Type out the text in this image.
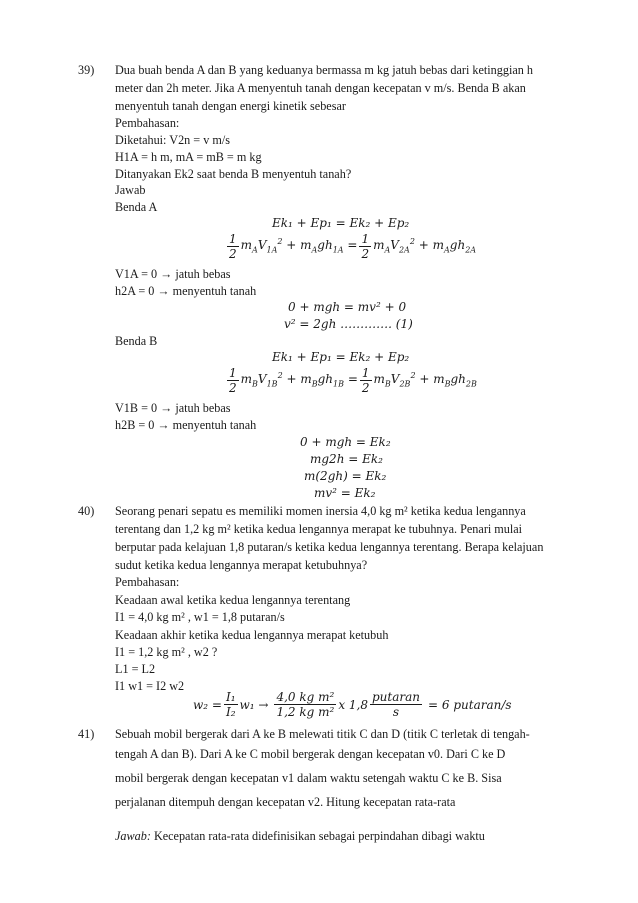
39) Dua buah benda A dan B yang keduanya bermassa m kg jatuh bebas dari ketinggian h
meter dan 2h meter. Jika A menyentuh tanah dengan kecepatan v m/s. Benda B akan
menyentuh tanah dengan energi kinetik sebesar
Pembahasan:
Diketahui: V2n = v m/s
H1A = h m, mA = mB = m kg
Ditanyakan Ek2 saat benda B menyentuh tanah?
Jawab
Benda A
Ek₁ + Ep₁ = Ek₂ + Ep₂
$\frac{1}{2} m_AV_{1A}^2 + m_Agh_{1A} = \frac{1}{2} m_AV_{2A}^2 + m_Agh_{2A}$
V1A = 0 → jatuh bebas
h2A = 0 → menyentuh tanah
0 + mgh = mv² + 0
v² = 2gh …………. (1)
Benda B
Ek₁ + Ep₁ = Ek₂ + Ep₂
$\frac{1}{2} m_BV_{1B}^2 + m_Bgh_{1B} = \frac{1}{2} m_BV_{2B}^2 + m_Bgh_{2B}$
V1B = 0 → jatuh bebas
h2B = 0 → menyentuh tanah
0 + mgh = Ek₂
mg2h = Ek₂
m(2gh) = Ek₂
mv² = Ek₂
40) Seorang penari sepatu es memiliki momen inersia 4,0 kg m² ketika kedua lengannya
terentang dan 1,2 kg m² ketika kedua lengannya merapat ke tubuhnya. Penari mulai
berputar pada kelajuan 1,8 putaran/s ketika kedua lengannya terentang. Berapa kelajuan
sudut ketika kedua lengannya merapat ketubuhnya?
Pembahasan:
Keadaan awal ketika kedua lengannya terentang
I1 = 4,0 kg m² , w1 = 1,8 putaran/s
Keadaan akhir ketika kedua lengannya merapat ketubuh
I1 = 1,2 kg m² , w2 ?
L1 = L2
I1 w1 = I2 w2
$w_2 = \frac{\text{I₁}}{\text{I₂}} w_1 \to \frac{\text{4,0 kg m²}}{\text{1,2 kg m²}}$ x $1,8 \frac{\text{putaran}}{s} = 6$ putaran/s
41) Sebuah mobil bergerak dari A ke B melewati titik C dan D (titik C terletak di tengah-
tengah A dan B). Dari A ke C mobil bergerak dengan kecepatan v0. Dari C ke D
mobil bergerak dengan kecepatan v1 dalam waktu setengah waktu C ke B. Sisa
perjalanan ditempuh dengan kecepatan v2. Hitung kecepatan rata-rata
Jawab: Kecepatan rata-rata didefinisikan sebagai perpindahan dibagi waktu
